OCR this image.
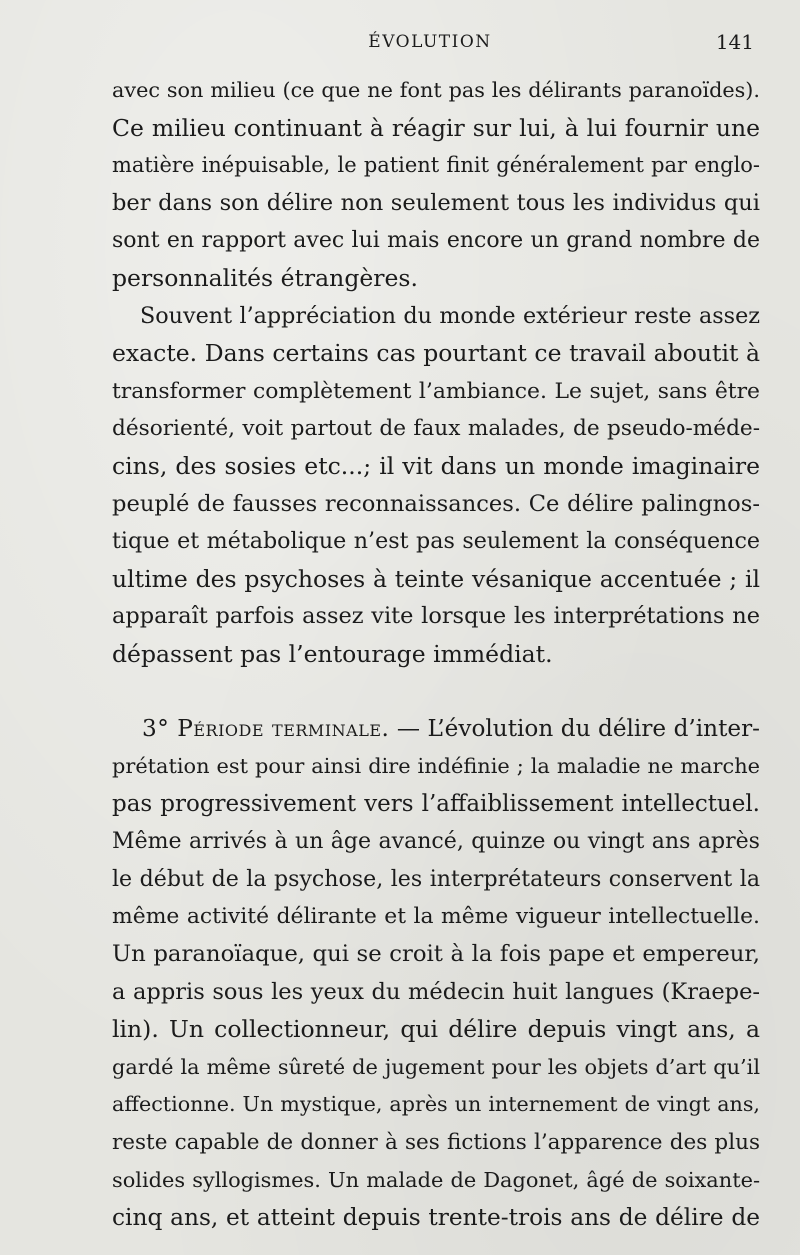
ÉVOLUTION	141
avec son milieu (ce que ne font pas les délirants paranoïdes).
Ce milieu continuant à réagir sur lui, à lui fournir une
matière inépuisable, le patient finit généralement par englo-
ber dans son délire non seulement tous les individus qui
sont en rapport avec lui mais encore un grand nombre de
personnalités étrangères.
Souvent l’appréciation du monde extérieur reste assez
exacte. Dans certains cas pourtant ce travail aboutit à
transformer complètement l’ambiance. Le sujet, sans être
désorienté, voit partout de faux malades, de pseudo-méde-
cins, des sosies etc...; il vit dans un monde imaginaire
peuplé de fausses reconnaissances. Ce délire palingnos-
tique et métabolique n’est pas seulement la conséquence
ultime des psychoses à teinte vésanique accentuée ; il
apparaît parfois assez vite lorsque les interprétations ne
dépassent pas l’entourage immédiat.
3° Période terminale. — L’évolution du délire d’inter-
prétation est pour ainsi dire indéfinie ; la maladie ne marche
pas progressivement vers l’affaiblissement intellectuel.
Même arrivés à un âge avancé, quinze ou vingt ans après
le début de la psychose, les interprétateurs conservent la
même activité délirante et la même vigueur intellectuelle.
Un paranoïaque, qui se croit à la fois pape et empereur,
a appris sous les yeux du médecin huit langues (Kraepe-
lin). Un collectionneur, qui délire depuis vingt ans, a
gardé la même sûreté de jugement pour les objets d’art qu’il
affectionne. Un mystique, après un internement de vingt ans,
reste capable de donner à ses fictions l’apparence des plus
solides syllogismes. Un malade de Dagonet, âgé de soixante-
cinq ans, et atteint depuis trente-trois ans de délire de
